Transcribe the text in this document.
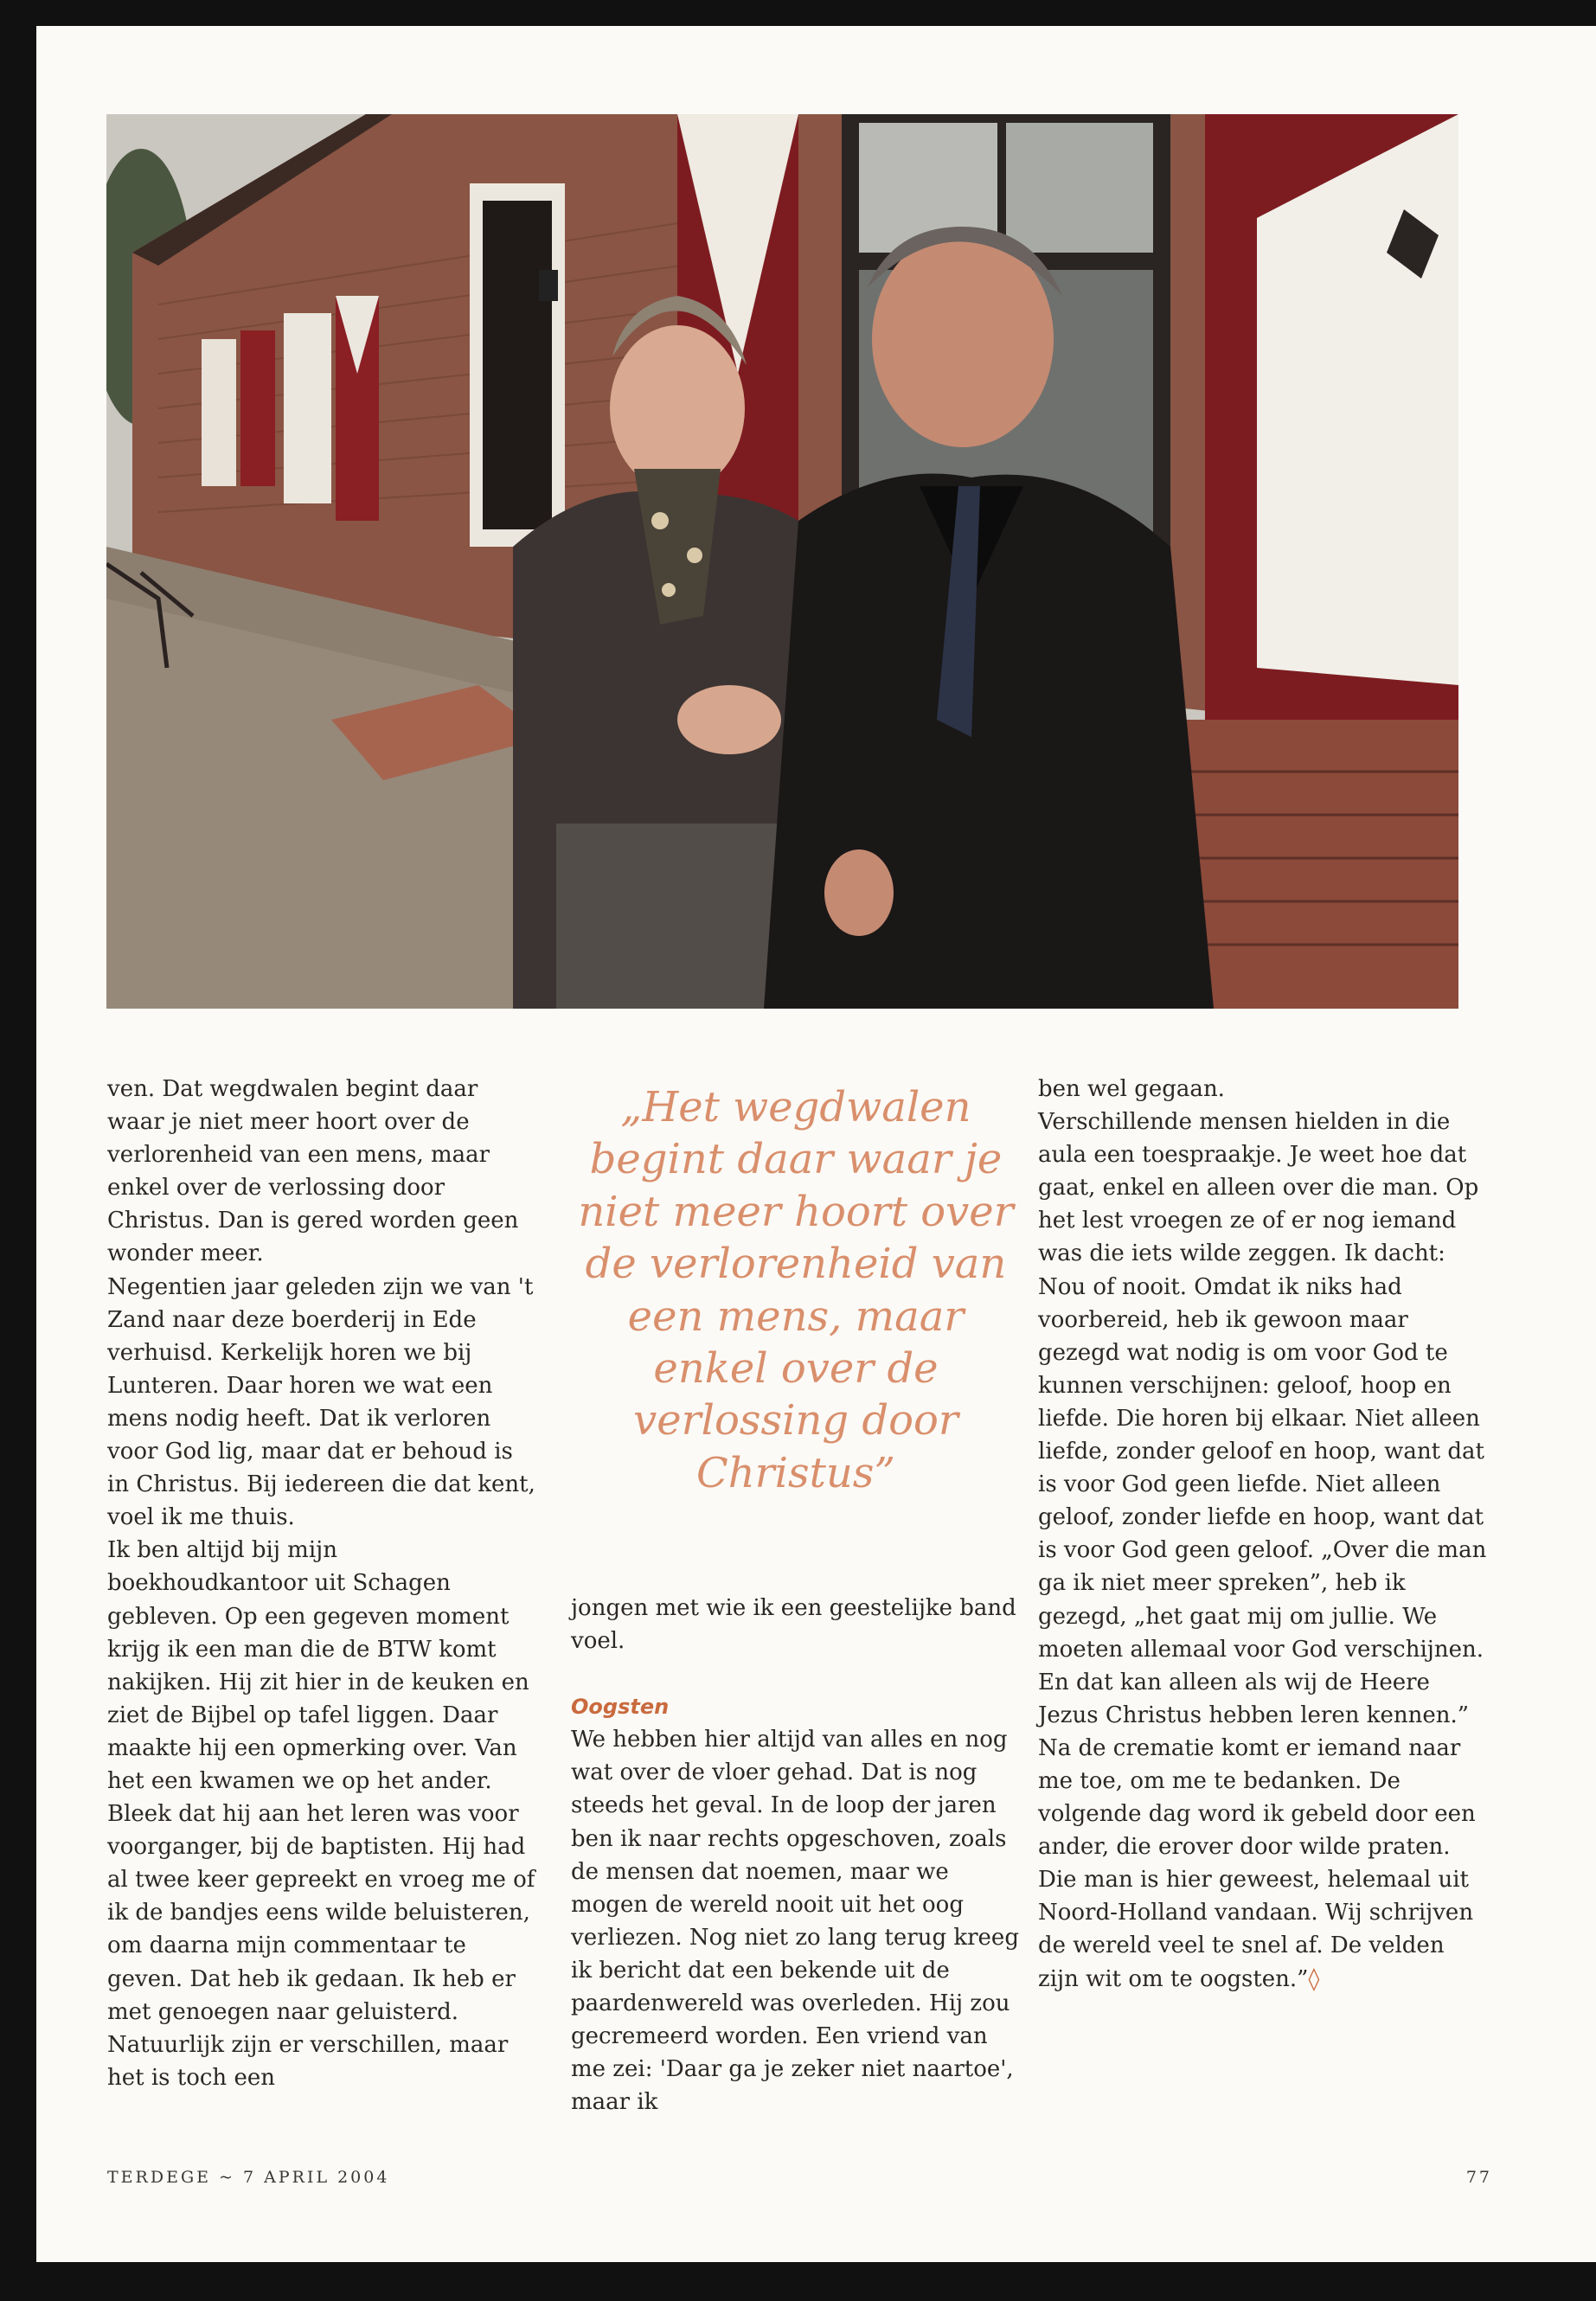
ven. Dat wegdwalen begint daar waar je niet meer hoort over de verlorenheid van een mens, maar enkel over de verlossing door Christus. Dan is gered worden geen wonder meer.

Negentien jaar geleden zijn we van 't Zand naar deze boerderij in Ede verhuisd. Kerkelijk horen we bij Lunteren. Daar horen we wat een mens nodig heeft. Dat ik verloren voor God lig, maar dat er behoud is in Christus. Bij iedereen die dat kent, voel ik me thuis.

Ik ben altijd bij mijn boekhoudkantoor uit Schagen gebleven. Op een gegeven moment krijg ik een man die de BTW komt nakijken. Hij zit hier in de keuken en ziet de Bijbel op tafel liggen. Daar maakte hij een opmerking over. Van het een kwamen we op het ander. Bleek dat hij aan het leren was voor voorganger, bij de baptisten. Hij had al twee keer gepreekt en vroeg me of ik de bandjes eens wilde beluisteren, om daarna mijn commentaar te geven. Dat heb ik gedaan. Ik heb er met genoegen naar geluisterd. Natuurlijk zijn er verschillen, maar het is toch een

„Het wegdwalen begint daar waar je niet meer hoort over de verlorenheid van een mens, maar enkel over de verlossing door Christus”

jongen met wie ik een geestelijke band voel.

Oogsten

We hebben hier altijd van alles en nog wat over de vloer gehad. Dat is nog steeds het geval. In de loop der jaren ben ik naar rechts opgeschoven, zoals de mensen dat noemen, maar we mogen de wereld nooit uit het oog verliezen. Nog niet zo lang terug kreeg ik bericht dat een bekende uit de paardenwereld was overleden. Hij zou gecremeerd worden. Een vriend van me zei: 'Daar ga je zeker niet naartoe', maar ik

ben wel gegaan.

Verschillende mensen hielden in die aula een toespraakje. Je weet hoe dat gaat, enkel en alleen over die man. Op het lest vroegen ze of er nog iemand was die iets wilde zeggen. Ik dacht: Nou of nooit. Omdat ik niks had voorbereid, heb ik gewoon maar gezegd wat nodig is om voor God te kunnen verschijnen: geloof, hoop en liefde. Die horen bij elkaar. Niet alleen liefde, zonder geloof en hoop, want dat is voor God geen liefde. Niet alleen geloof, zonder liefde en hoop, want dat is voor God geen geloof. „Over die man ga ik niet meer spreken”, heb ik gezegd, „het gaat mij om jullie. We moeten allemaal voor God verschijnen. En dat kan alleen als wij de Heere Jezus Christus hebben leren kennen.”

Na de crematie komt er iemand naar me toe, om me te bedanken. De volgende dag word ik gebeld door een ander, die erover door wilde praten. Die man is hier geweest, helemaal uit Noord-Holland vandaan. Wij schrijven de wereld veel te snel af. De velden zijn wit om te oogsten.”◊

TERDEGE ~ 7 APRIL 2004	77
